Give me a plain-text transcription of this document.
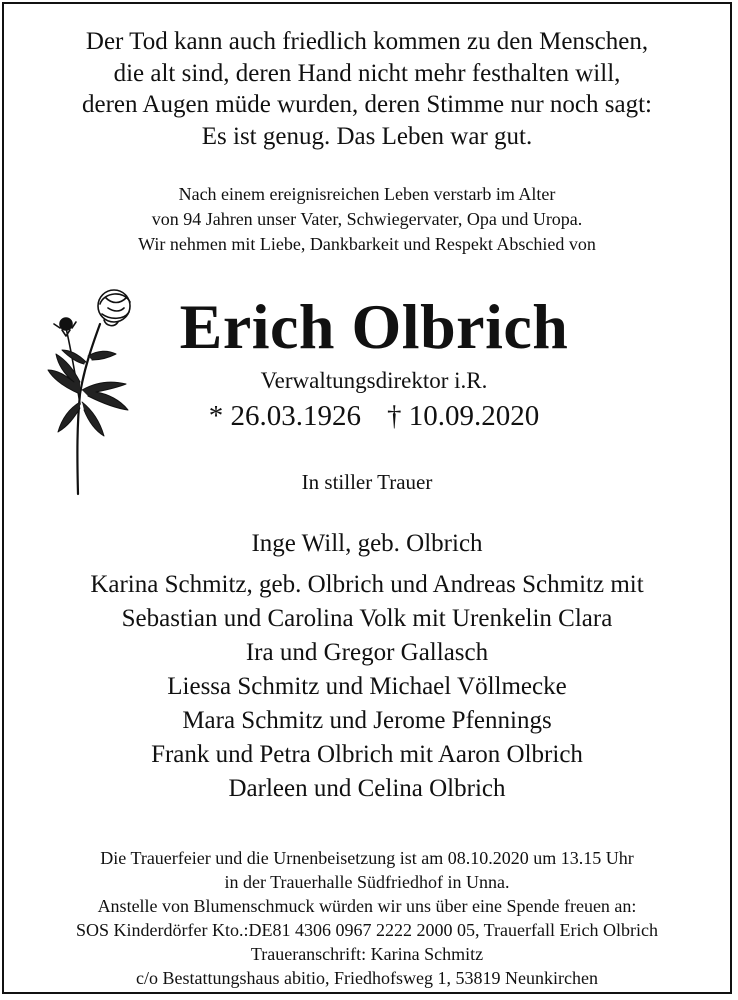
Der Tod kann auch friedlich kommen zu den Menschen,
die alt sind, deren Hand nicht mehr festhalten will,
deren Augen müde wurden, deren Stimme nur noch sagt:
Es ist genug. Das Leben war gut.
Nach einem ereignisreichen Leben verstarb im Alter
von 94 Jahren unser Vater, Schwiegervater, Opa und Uropa.
Wir nehmen mit Liebe, Dankbarkeit und Respekt Abschied von
Erich Olbrich
Verwaltungsdirektor i.R.
* 26.03.1926 † 10.09.2020
In stiller Trauer
Inge Will, geb. Olbrich
Karina Schmitz, geb. Olbrich und Andreas Schmitz mit
Sebastian und Carolina Volk mit Urenkelin Clara
Ira und Gregor Gallasch
Liessa Schmitz und Michael Völlmecke
Mara Schmitz und Jerome Pfennings
Frank und Petra Olbrich mit Aaron Olbrich
Darleen und Celina Olbrich
Die Trauerfeier und die Urnenbeisetzung ist am 08.10.2020 um 13.15 Uhr
in der Trauerhalle Südfriedhof in Unna.
Anstelle von Blumenschmuck würden wir uns über eine Spende freuen an:
SOS Kinderdörfer Kto.:DE81 4306 0967 2222 2000 05, Trauerfall Erich Olbrich
Traueranschrift: Karina Schmitz
c/o Bestattungshaus abitio, Friedhofsweg 1, 53819 Neunkirchen
